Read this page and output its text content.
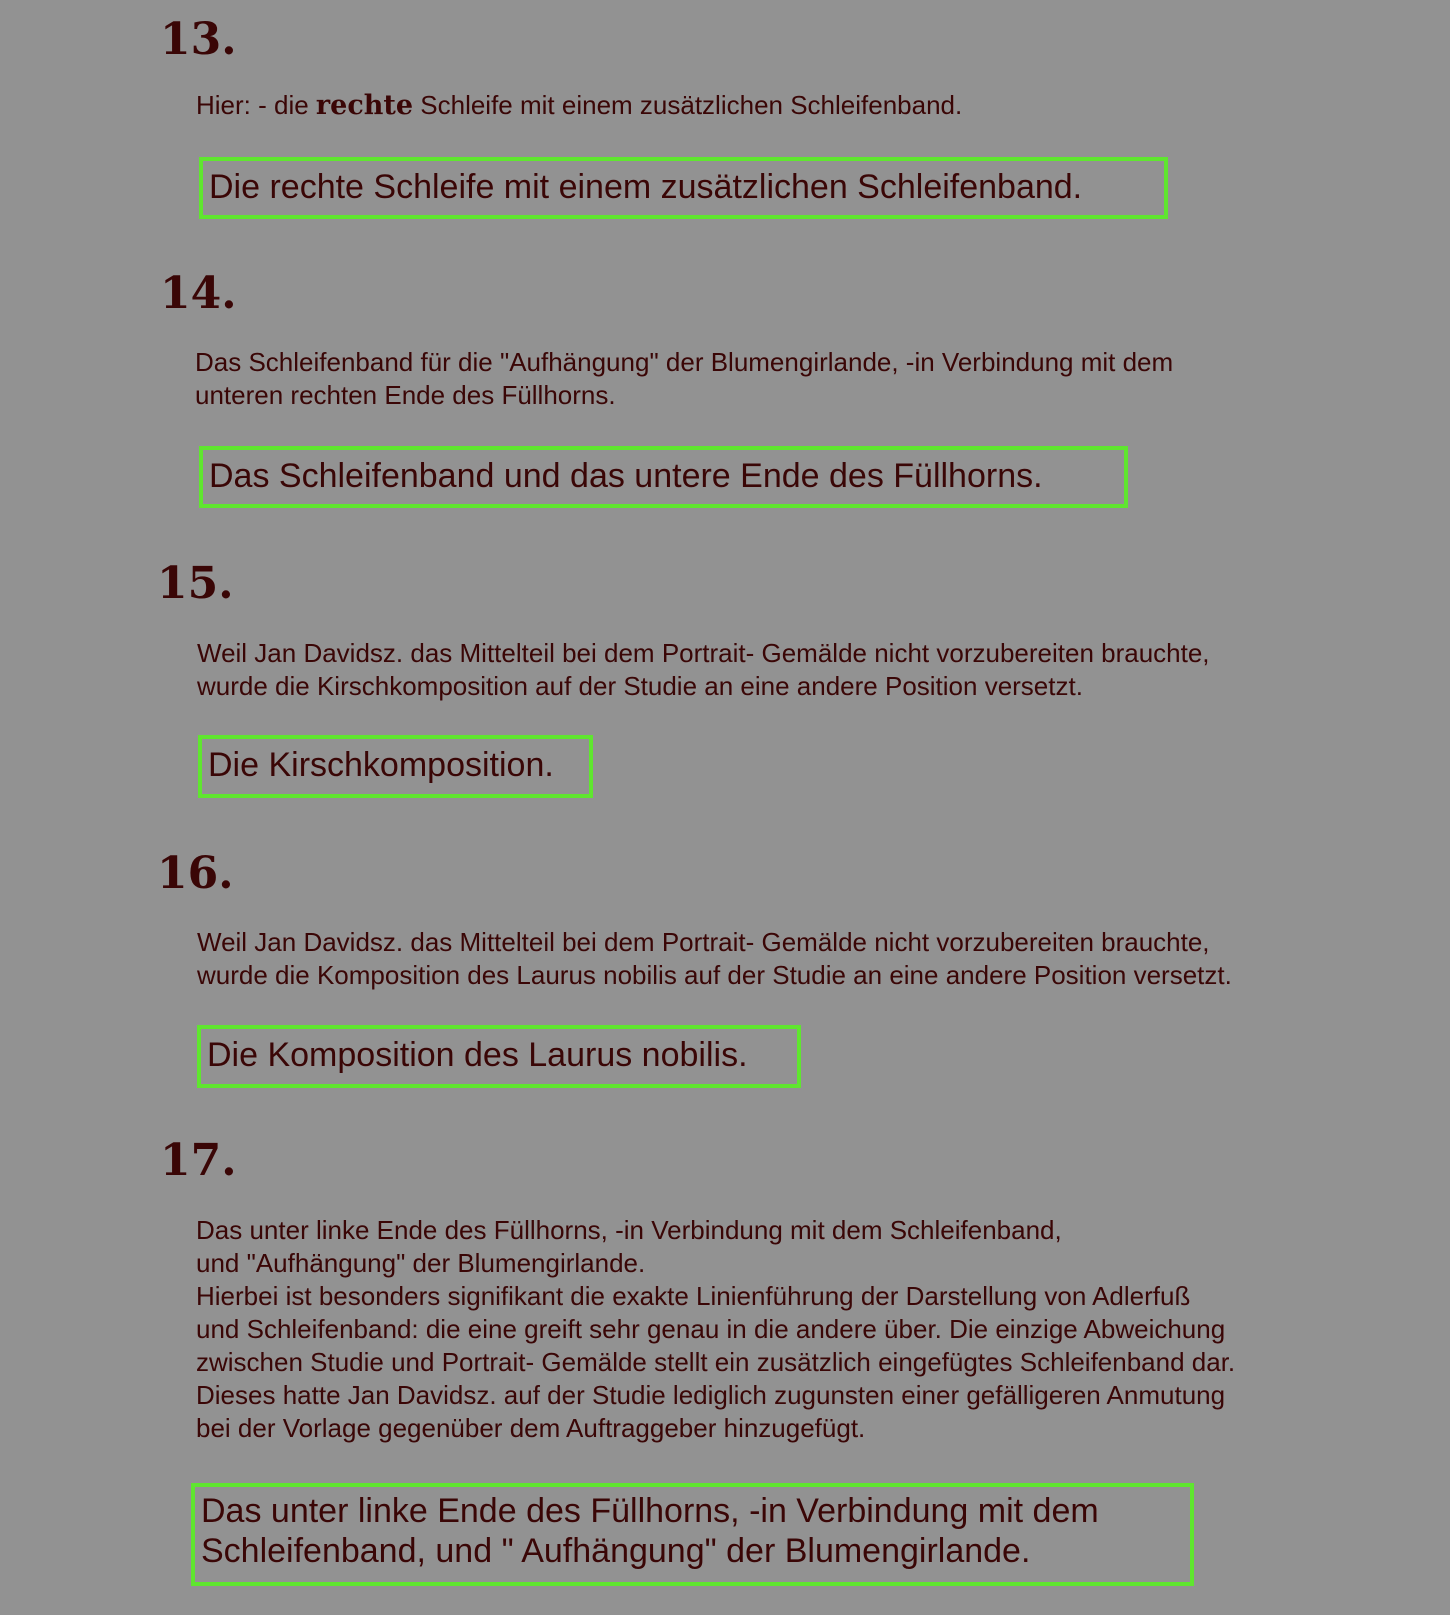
13.

Hier: - die rechte Schleife mit einem zusätzlichen Schleifenband.

Die rechte Schleife mit einem zusätzlichen Schleifenband.
14.

Das Schleifenband für die "Aufhängung" der Blumengirlande, -in Verbindung mit dem
unteren rechten Ende des Füllhorns.

Das Schleifenband und das untere Ende des Füllhorns.
15.

Weil Jan Davidsz. das Mittelteil bei dem Portrait- Gemälde nicht vorzubereiten brauchte,
wurde die Kirschkomposition auf der Studie an eine andere Position versetzt.

Die Kirschkomposition.
16.

Weil Jan Davidsz. das Mittelteil bei dem Portrait- Gemälde nicht vorzubereiten brauchte,
wurde die Komposition des Laurus nobilis auf der Studie an eine andere Position versetzt.

Die Komposition des Laurus nobilis.
17.

Das unter linke Ende des Füllhorns, -in Verbindung mit dem Schleifenband,
und "Aufhängung" der Blumengirlande.
Hierbei ist besonders signifikant die exakte Linienführung der Darstellung von Adlerfuß
und Schleifenband: die eine greift sehr genau in die andere über. Die einzige Abweichung
zwischen Studie und Portrait- Gemälde stellt ein zusätzlich eingefügtes Schleifenband dar.
Dieses hatte Jan Davidsz. auf der Studie lediglich zugunsten einer gefälligeren Anmutung
bei der Vorlage gegenüber dem Auftraggeber hinzugefügt.

Das unter linke Ende des Füllhorns, -in Verbindung mit dem
Schleifenband, und " Aufhängung" der Blumengirlande.
